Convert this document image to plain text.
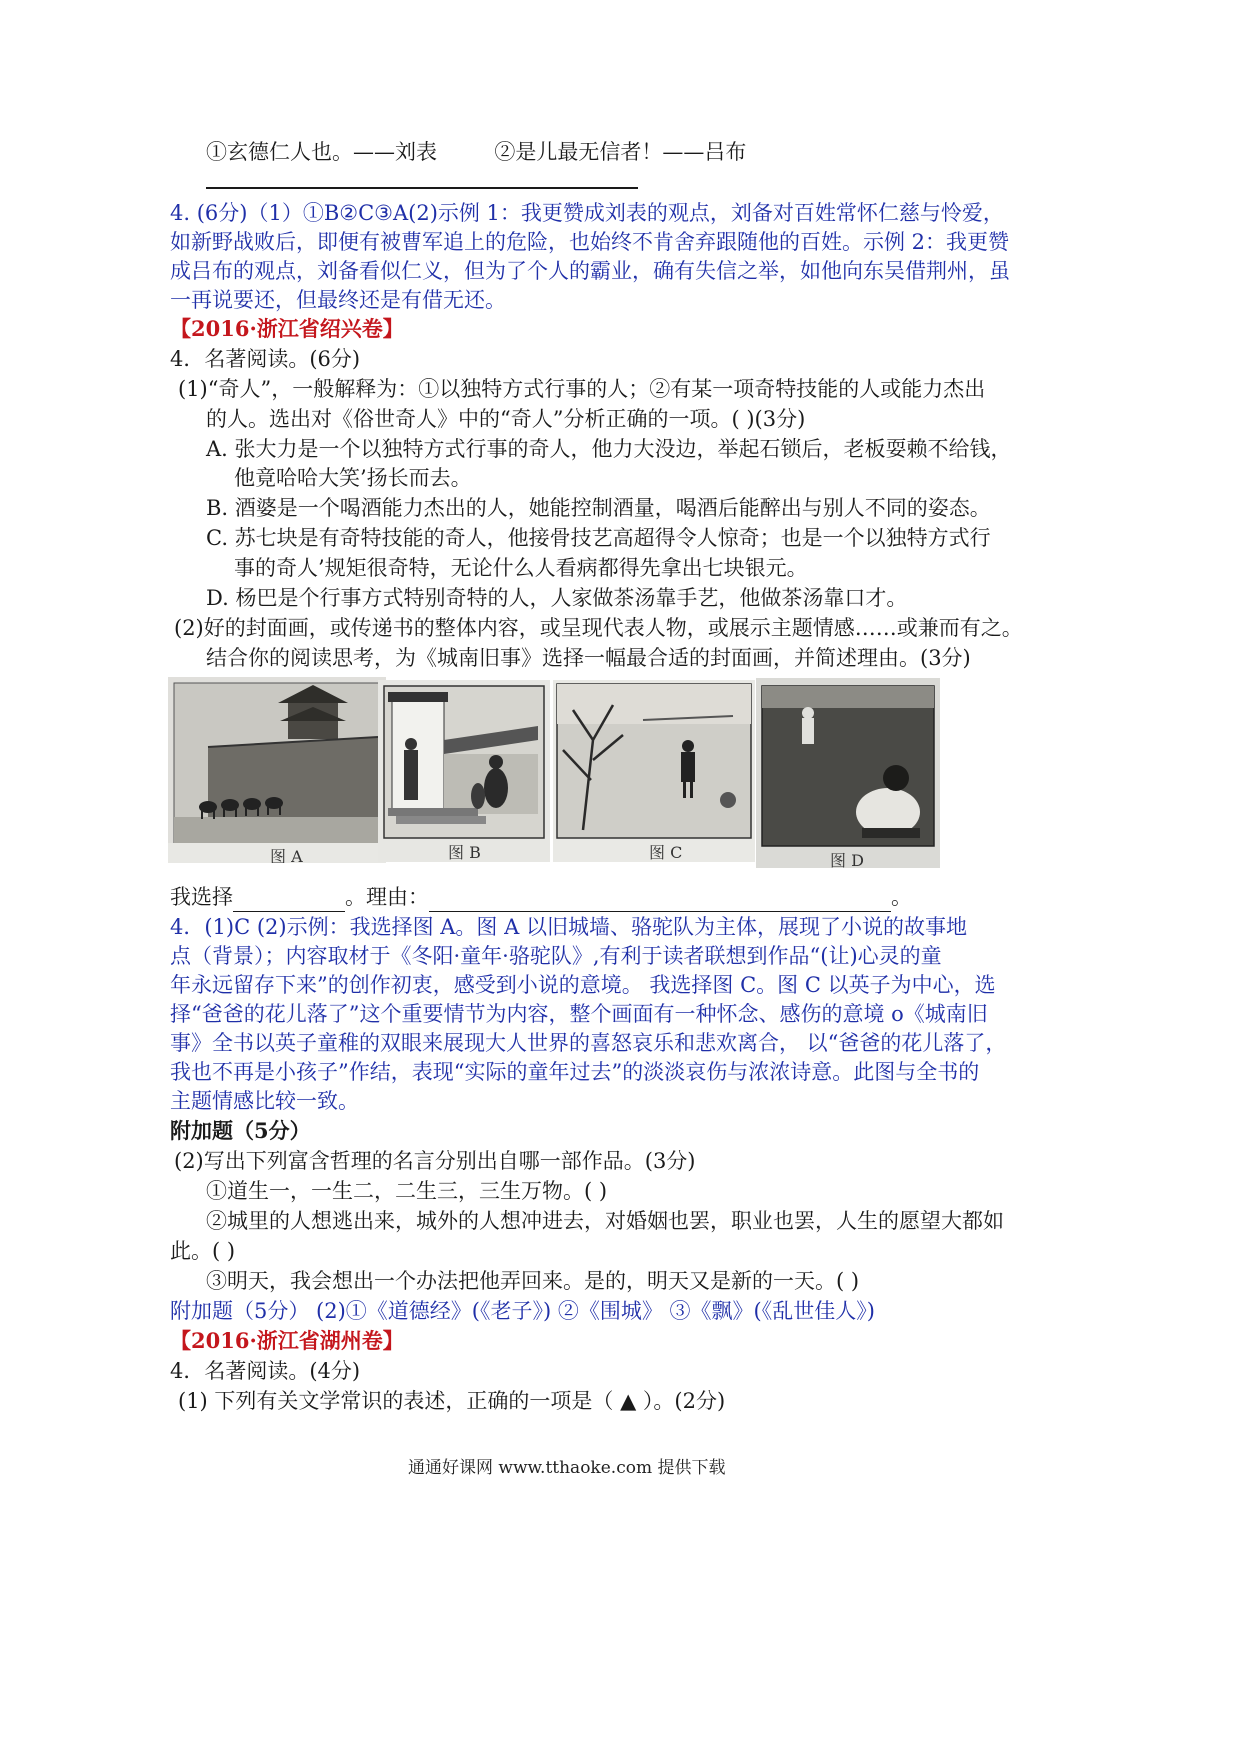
①玄德仁人也。——刘表	②是儿最无信者！——吕布
4. (6分)（1）①B②C③A(2)示例 1：我更赞成刘表的观点，刘备对百姓常怀仁慈与怜爱，
如新野战败后，即便有被曹军追上的危险，也始终不肯舍弃跟随他的百姓。示例 2：我更赞
成吕布的观点，刘备看似仁义，但为了个人的霸业，确有失信之举，如他向东吴借荆州，虽
一再说要还，但最终还是有借无还。
【2016·浙江省绍兴卷】
4．名著阅读。(6分)
(1)“奇人”，一般解释为：①以独特方式行事的人；②有某一项奇特技能的人或能力杰出
的人。选出对《俗世奇人》中的“奇人”分析正确的一项。( )(3分)
A. 张大力是一个以独特方式行事的奇人，他力大没边，举起石锁后，老板耍赖不给钱，
他竟哈哈大笑’扬长而去。
B. 酒婆是一个喝酒能力杰出的人，她能控制酒量，喝酒后能醉出与别人不同的姿态。
C. 苏七块是有奇特技能的奇人，他接骨技艺高超得令人惊奇；也是一个以独特方式行
事的奇人’规矩很奇特，无论什么人看病都得先拿出七块银元。
D. 杨巴是个行事方式特别奇特的人，人家做茶汤靠手艺，他做茶汤靠口才。
(2)好的封面画，或传递书的整体内容，或呈现代表人物，或展示主题情感……或兼而有之。
结合你的阅读思考，为《城南旧事》选择一幅最合适的封面画，并简述理由。(3分)
图 A	图 B	图 C	图 D
我选择	。理由：	。
4．(1)C (2)示例：我选择图 A。图 A 以旧城墙、骆驼队为主体，展现了小说的故事地
点（背景）；内容取材于《冬阳·童年·骆驼队》,有利于读者联想到作品“(让)心灵的童
年永远留存下来”的创作初衷，感受到小说的意境。 我选择图 C。图 C 以英子为中心，选
择“爸爸的花儿落了”这个重要情节为内容，整个画面有一种怀念、感伤的意境 o《城南旧
事》全书以英子童稚的双眼来展现大人世界的喜怒哀乐和悲欢离合， 以“爸爸的花儿落了，
我也不再是小孩子”作结，表现“实际的童年过去”的淡淡哀伤与浓浓诗意。此图与全书的
主题情感比较一致。
附加题（5分）
(2)写出下列富含哲理的名言分别出自哪一部作品。(3分)
①道生一，一生二，二生三，三生万物。( )
②城里的人想逃出来，城外的人想冲进去，对婚姻也罢，职业也罢，人生的愿望大都如
此。( )
③明天，我会想出一个办法把他弄回来。是的，明天又是新的一天。( )
附加题（5分） (2)①《道德经》(《老子》) ②《围城》 ③《飘》(《乱世佳人》)
【2016·浙江省湖州卷】
4．名著阅读。(4分)
(1) 下列有关文学常识的表述，正确的一项是（ ▲ ）。(2分)
通通好课网 www.tthaoke.com 提供下载
